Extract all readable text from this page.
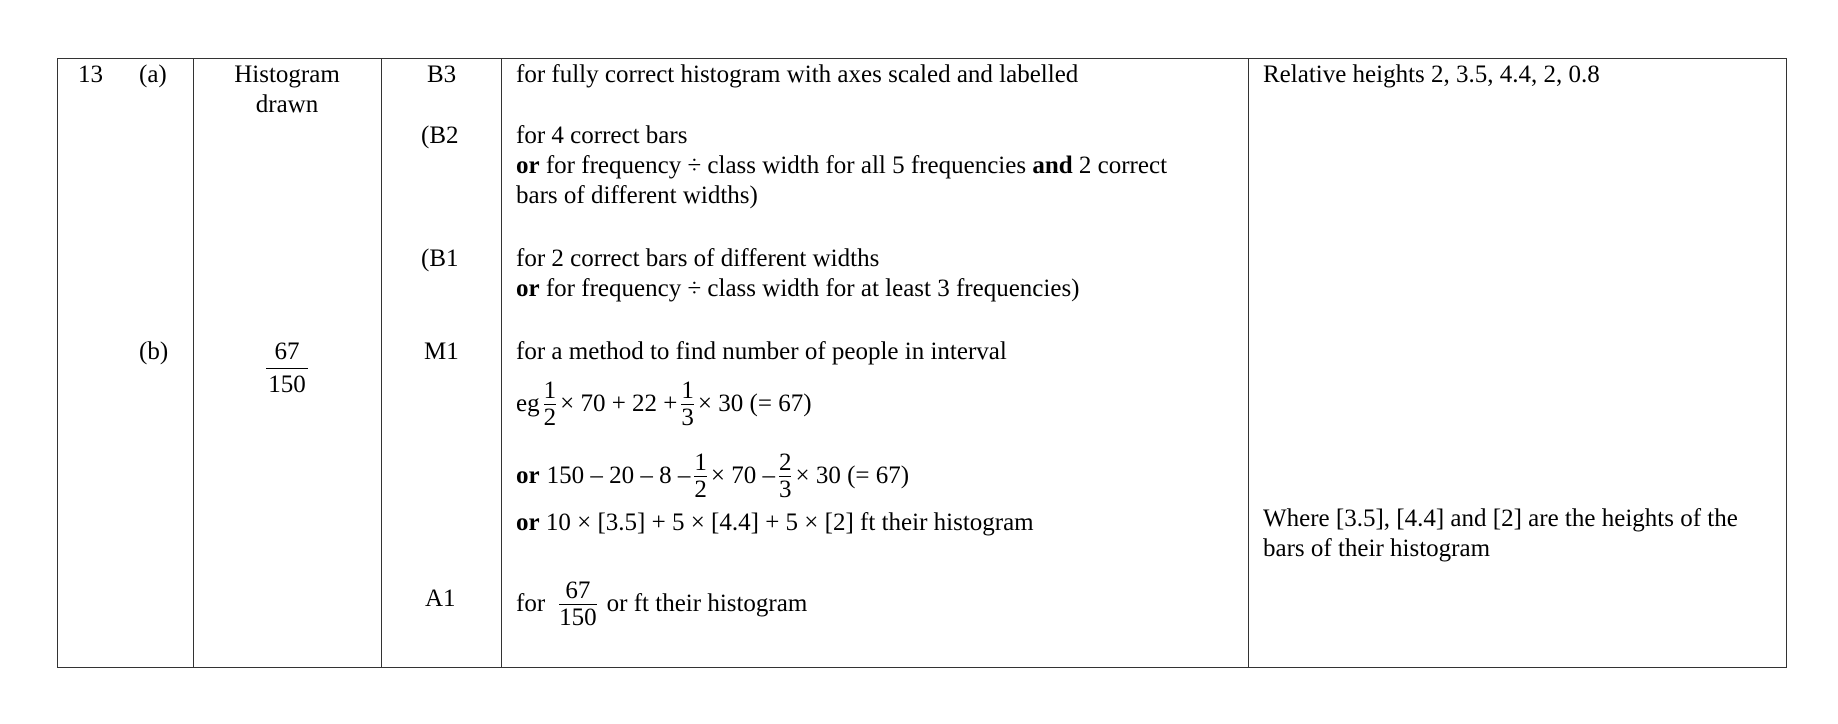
13 (a)
(b)
Histogram
drawn
67
150
B3
(B2
(B1
M1
A1
for fully correct histogram with axes scaled and labelled
for 4 correct bars
or for frequency ÷ class width for all 5 frequencies and 2 correct
bars of different widths)
for 2 correct bars of different widths
or for frequency ÷ class width for at least 3 frequencies)
for a method to find number of people in interval
eg 1
2 × 70 + 22 + 1
3 × 30 (= 67)
or 150 – 20 – 8 – 1
2 × 70 – 2
3 × 30 (= 67)
or 10 × [3.5] + 5 × [4.4] + 5 × [2] ft their histogram
for 67
150 or ft their histogram
Relative heights 2, 3.5, 4.4, 2, 0.8
Where [3.5], [4.4] and [2] are the heights of the
bars of their histogram
